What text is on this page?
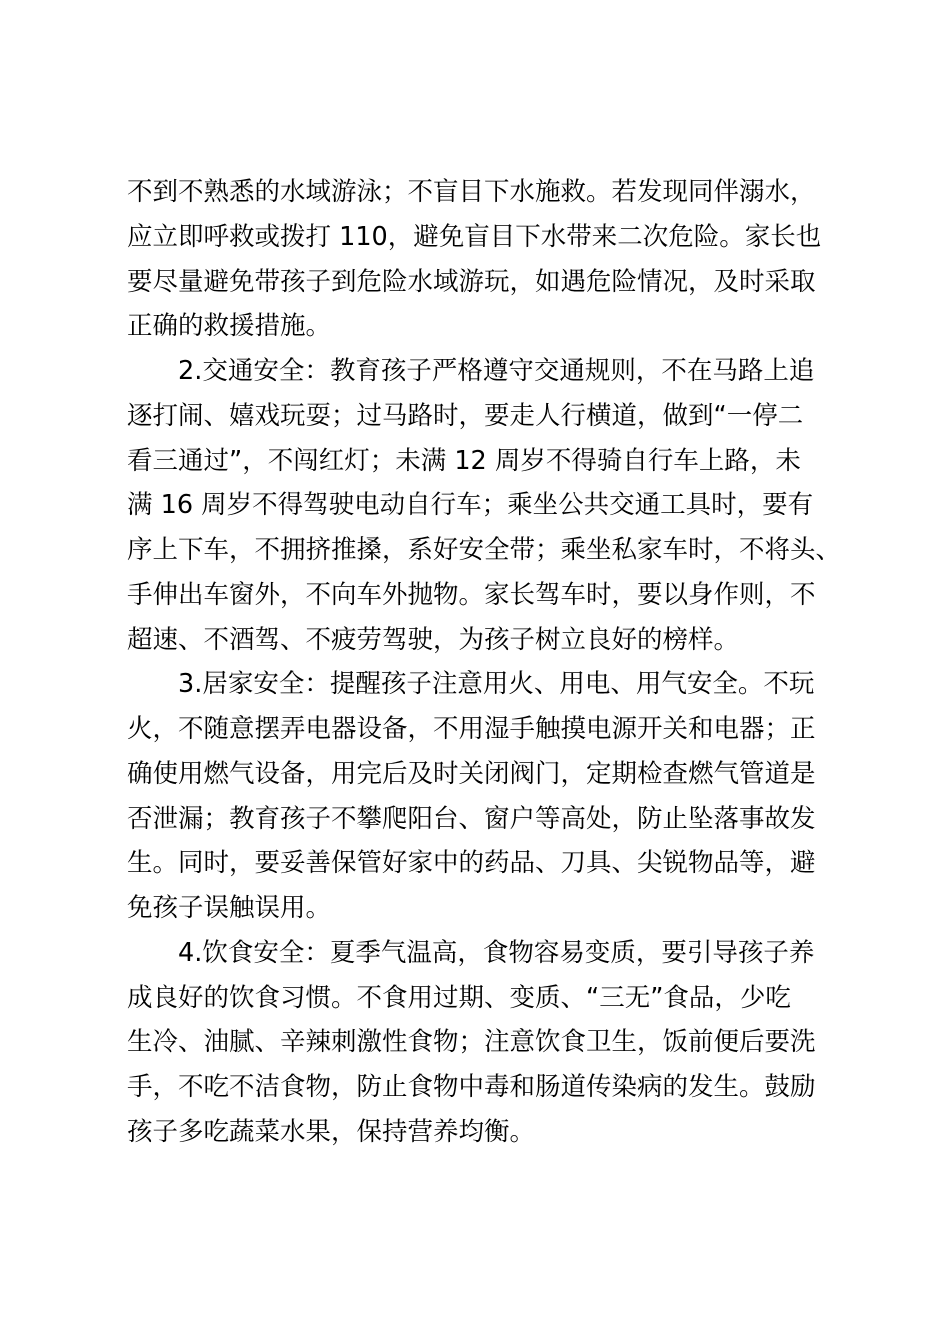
不到不熟悉的水域游泳；不盲目下水施救。若发现同伴溺水，
应立即呼救或拨打 110，避免盲目下水带来二次危险。家长也
要尽量避免带孩子到危险水域游玩，如遇危险情况，及时采取
正确的救援措施。
2.交通安全：教育孩子严格遵守交通规则，不在马路上追
逐打闹、嬉戏玩耍；过马路时，要走人行横道，做到“一停二
看三通过”，不闯红灯；未满 12 周岁不得骑自行车上路，未
满 16 周岁不得驾驶电动自行车；乘坐公共交通工具时，要有
序上下车，不拥挤推搡，系好安全带；乘坐私家车时，不将头、
手伸出车窗外，不向车外抛物。家长驾车时，要以身作则，不
超速、不酒驾、不疲劳驾驶，为孩子树立良好的榜样。
3.居家安全：提醒孩子注意用火、用电、用气安全。不玩
火，不随意摆弄电器设备，不用湿手触摸电源开关和电器；正
确使用燃气设备，用完后及时关闭阀门，定期检查燃气管道是
否泄漏；教育孩子不攀爬阳台、窗户等高处，防止坠落事故发
生。同时，要妥善保管好家中的药品、刀具、尖锐物品等，避
免孩子误触误用。
4.饮食安全：夏季气温高，食物容易变质，要引导孩子养
成良好的饮食习惯。不食用过期、变质、“三无”食品，少吃
生冷、油腻、辛辣刺激性食物；注意饮食卫生，饭前便后要洗
手，不吃不洁食物，防止食物中毒和肠道传染病的发生。鼓励
孩子多吃蔬菜水果，保持营养均衡。
